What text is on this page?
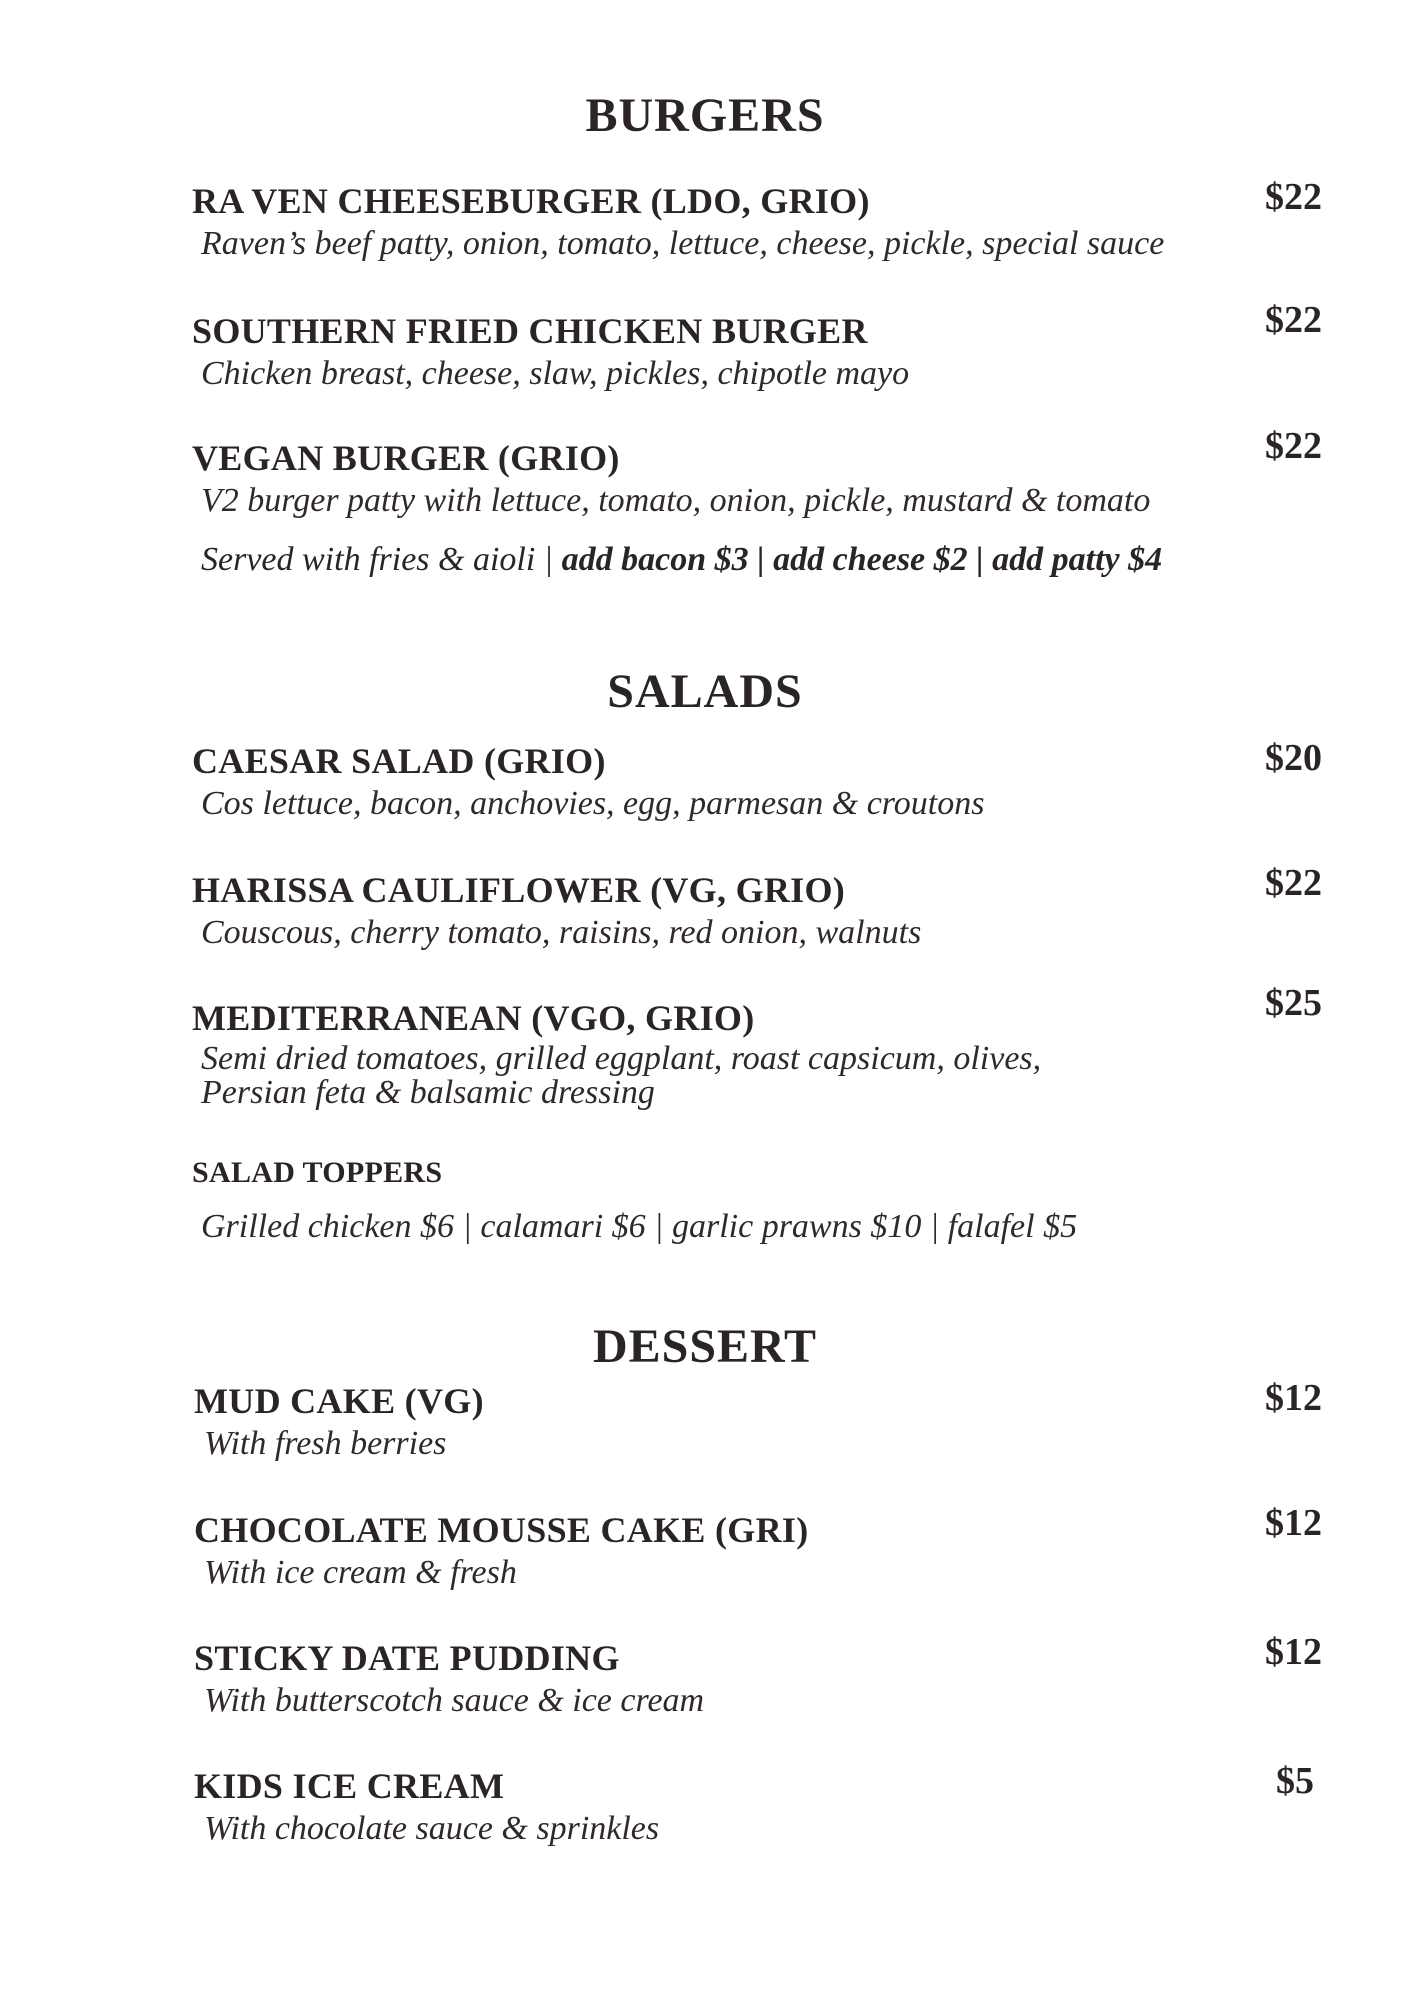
BURGERS
RA VEN CHEESEBURGER (LDO, GRIO)
Raven’s beef patty, onion, tomato, lettuce, cheese, pickle, special sauce
$22
SOUTHERN FRIED CHICKEN BURGER
Chicken breast, cheese, slaw, pickles, chipotle mayo
$22
VEGAN BURGER (GRIO)
V2 burger patty with lettuce, tomato, onion, pickle, mustard & tomato
$22
Served with fries & aioli | add bacon $3 | add cheese $2 | add patty $4
SALADS
CAESAR SALAD (GRIO)
Cos lettuce, bacon, anchovies, egg, parmesan & croutons
$20
HARISSA CAULIFLOWER (VG, GRIO)
Couscous, cherry tomato, raisins, red onion, walnuts
$22
MEDITERRANEAN (VGO, GRIO)
Semi dried tomatoes, grilled eggplant, roast capsicum, olives,
Persian feta & balsamic dressing
$25
SALAD TOPPERS
Grilled chicken $6 | calamari $6 | garlic prawns $10 | falafel $5
DESSERT
MUD CAKE (VG)
With fresh berries
$12
CHOCOLATE MOUSSE CAKE (GRI)
With ice cream & fresh
$12
STICKY DATE PUDDING
With butterscotch sauce & ice cream
$12
KIDS ICE CREAM
With chocolate sauce & sprinkles
$5
